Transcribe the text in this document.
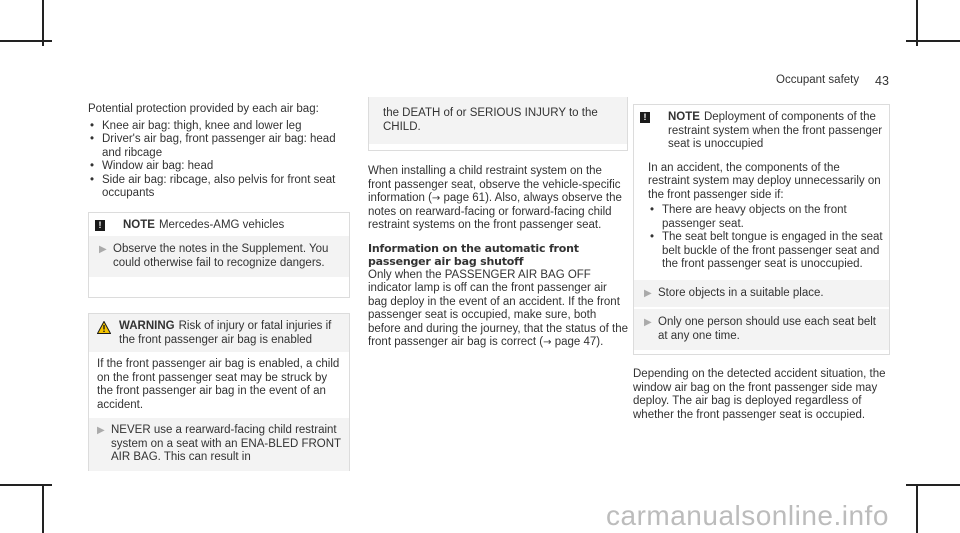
Occupant safety 43

Potential protection provided by each air bag:

• Knee air bag: thigh, knee and lower leg
• Driver's air bag, front passenger air bag: head and ribcage
• Window air bag: head
• Side air bag: ribcage, also pelvis for front seat occupants
!	NOTE Mercedes-AMG vehicles
▶ Observe the notes in the Supplement. You could otherwise fail to recognize dangers.
WARNING Risk of injury or fatal injuries if the front passenger air bag is enabled

If the front passenger air bag is enabled, a child on the front passenger seat may be struck by the front passenger air bag in the event of an accident.

▶ NEVER use a rearward-facing child restraint system on a seat with an ENA-BLED FRONT AIR BAG. This can result in
the DEATH of or SERIOUS INJURY to the CHILD.

When installing a child restraint system on the front passenger seat, observe the vehicle-specific information (→ page 61). Also, always observe the notes on rearward-facing or forward-facing child restraint systems on the front passenger seat.

Information on the automatic front passenger air bag shutoff

Only when the PASSENGER AIR BAG OFF indicator lamp is off can the front passenger air bag deploy in the event of an accident. If the front passenger seat is occupied, make sure, both before and during the journey, that the status of the front passenger air bag is correct (→ page 47).

!	NOTE Deployment of components of the restraint system when the front passenger seat is unoccupied

In an accident, the components of the restraint system may deploy unnecessarily on the front passenger side if:

• There are heavy objects on the front passenger seat.
• The seat belt tongue is engaged in the seat belt buckle of the front passenger seat and the front passenger seat is unoccupied.
▶ Store objects in a suitable place.
▶ Only one person should use each seat belt at any one time.

Depending on the detected accident situation, the window air bag on the front passenger side may deploy. The air bag is deployed regardless of whether the front passenger seat is occupied.

carmanualsonline.info
